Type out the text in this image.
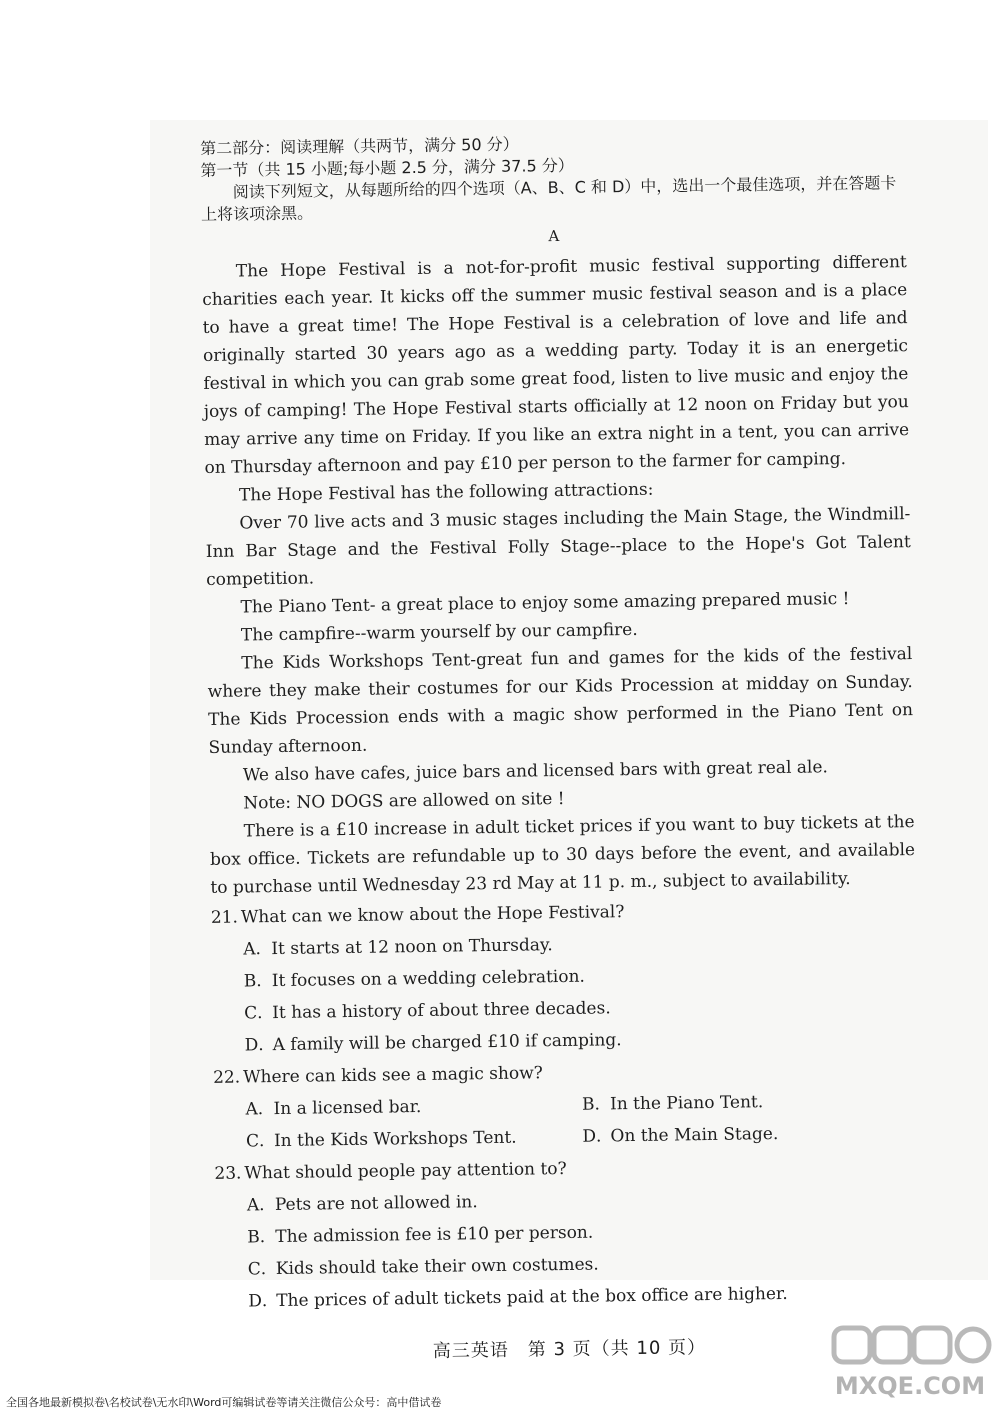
第二部分：阅读理解（共两节，满分 50 分）

第一节（共 15 小题;每小题 2.5 分，满分 37.5 分）

阅读下列短文，从每题所给的四个选项（A、B、C 和 D）中，选出一个最佳选项，并在答题卡上将该项涂黑。

A

The Hope Festival is a not-for-profit music festival supporting different charities each year. It kicks off the summer music festival season and is a place to have a great time! The Hope Festival is a celebration of love and life and originally started 30 years ago as a wedding party. Today it is an energetic festival in which you can grab some great food, listen to live music and enjoy the joys of camping! The Hope Festival starts officially at 12 noon on Friday but you may arrive any time on Friday. If you like an extra night in a tent, you can arrive on Thursday afternoon and pay £10 per person to the farmer for camping.

The Hope Festival has the following attractions:

Over 70 live acts and 3 music stages including the Main Stage, the Windmill-Inn Bar Stage and the Festival Folly Stage--place to the Hope's Got Talent competition.

The Piano Tent- a great place to enjoy some amazing prepared music !

The campfire--warm yourself by our campfire.

The Kids Workshops Tent-great fun and games for the kids of the festival where they make their costumes for our Kids Procession at midday on Sunday. The Kids Procession ends with a magic show performed in the Piano Tent on Sunday afternoon.

We also have cafes, juice bars and licensed bars with great real ale.

Note: NO DOGS are allowed on site !

There is a £10 increase in adult ticket prices if you want to buy tickets at the box office. Tickets are refundable up to 30 days before the event, and available to purchase until Wednesday 23 rd May at 11 p. m., subject to availability.

21．What can we know about the Hope Festival?

A．It starts at 12 noon on Thursday.

B．It focuses on a wedding celebration.

C．It has a history of about three decades.

D．A family will be charged £10 if camping.

22．Where can kids see a magic show?

A．In a licensed bar.	B．In the Piano Tent.

C．In the Kids Workshops Tent.	D．On the Main Stage.

23．What should people pay attention to?

A．Pets are not allowed in.

B．The admission fee is £10 per person.

C．Kids should take their own costumes.

D．The prices of adult tickets paid at the box office are higher.

高三英语　第 3 页（共 10 页）
MXQE.COM
全国各地最新模拟卷\名校试卷\无水印\Word可编辑试卷等请关注微信公众号：高中借试卷
